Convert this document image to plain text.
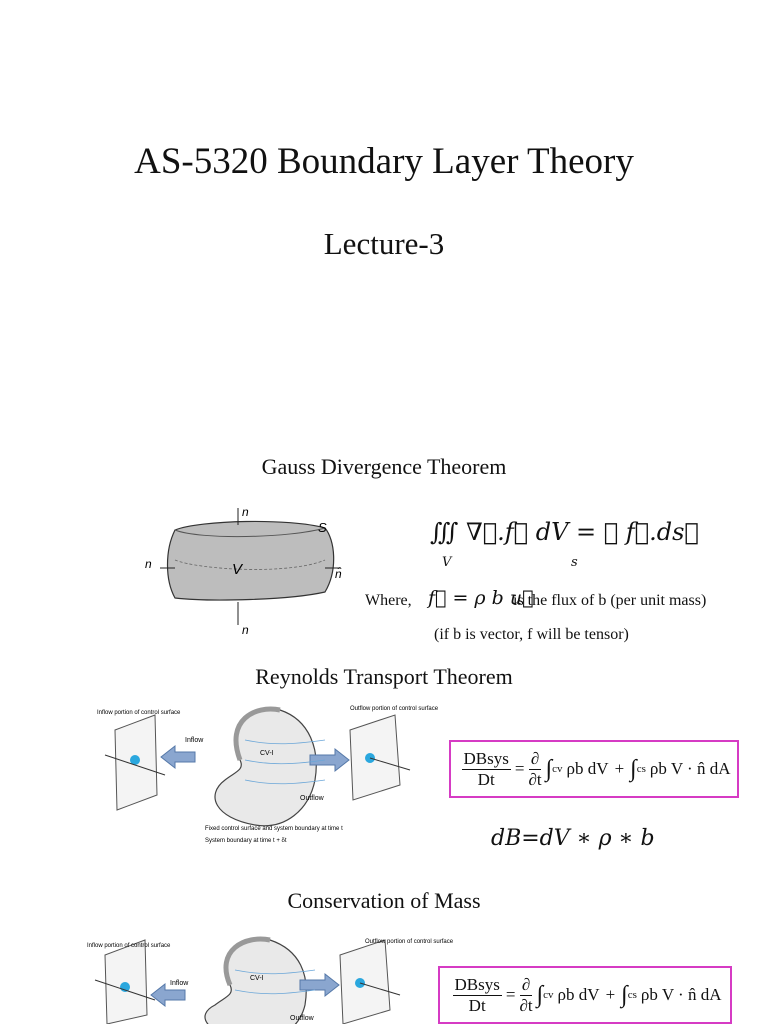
AS-5320 Boundary Layer Theory
Lecture-3
Gauss Divergence Theorem
n
S
n	V	n̂
n
∭ ∇⃗.f⃗ dV = ∯ f⃗.ds⃗
V	s
Where, f⃗ = ρ b u⃗
is the flux of b (per unit mass)
(if b is vector, f will be tensor)
Reynolds Transport Theorem
Inflow portion of control surface
Inflow
CV-I
Outflow
Outflow portion of control surface
Fixed control surface and system boundary at time t
System boundary at time t + δt
$\frac{\text{DBsys}}{Dt} = \frac{\partial}{\partial t}$ ∫ cv ρb dV + ∫ cs ρb V · n̂ dA
dB=dV ∗ ρ ∗ b
Conservation of Mass
Inflow portion of control surface
Inflow
CV-I
Outflow
Outflow portion of control surface
$\frac{\text{DBsys}}{Dt} = \frac{\partial}{\partial t}$ ∫ cv ρb dV + ∫ cs ρb V · n̂ dA
